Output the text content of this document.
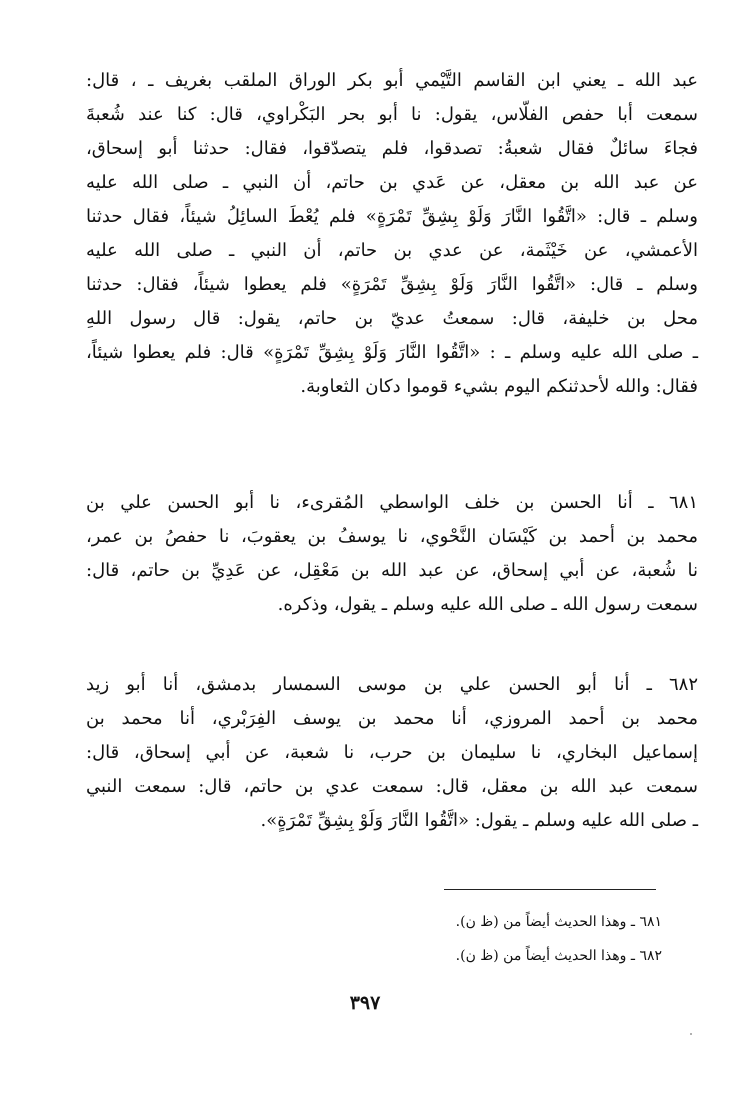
عبد الله ـ يعني ابن القاسم التَّيْمي أبو بكر الوراق الملقب بغريف ـ ، قال:
سمعت أبا حفص الفلّاس، يقول: نا أبو بحر البَكْراوي، قال: كنا عند شُعبةَ
فجاءَ سائلٌ فقال شعبةُ: تصدقوا، فلم يتصدّقوا، فقال: حدثنا أبو إسحاق،
عن عبد الله بن معقل، عن عَدي بن حاتم، أن النبي ـ صلى الله عليه
وسلم ـ قال: «اتَّقُوا النَّارَ وَلَوْ بِشِقِّ تَمْرَةٍ» فلم يُعْطَ السائِلُ شيئاً، فقال حدثنا
الأعمشي، عن خَيْثَمة، عن عدي بن حاتم، أن النبي ـ صلى الله عليه
وسلم ـ قال: «اتَّقُوا النَّارَ وَلَوْ بِشِقِّ تَمْرَةٍ» فلم يعطوا شيئاً، فقال: حدثنا
محل بن خليفة، قال: سمعتُ عديّ بن حاتم، يقول: قال رسول اللهِ
ـ صلى الله عليه وسلم ـ : «اتَّقُوا النَّارَ وَلَوْ بِشِقِّ تَمْرَةٍ» قال: فلم يعطوا شيئاً،
فقال: والله لأحدثنكم اليوم بشيء قوموا دكان الثعاوبة.
٦٨١ ـ أنا الحسن بن خلف الواسطي المُقرىء، نا أبو الحسن علي بن
محمد بن أحمد بن كَيْسَان النَّحْوي، نا يوسفُ بن يعقوبَ، نا حفصُ بن عمر،
نا شُعبة، عن أبي إسحاق، عن عبد الله بن مَعْقِل، عن عَدِيِّ بن حاتم، قال:
سمعت رسول الله ـ صلى الله عليه وسلم ـ يقول، وذكره.
٦٨٢ ـ أنا أبو الحسن علي بن موسى السمسار بدمشق، أنا أبو زيد
محمد بن أحمد المروزي، أنا محمد بن يوسف الفِرَبْري، أنا محمد بن
إسماعيل البخاري، نا سليمان بن حرب، نا شعبة، عن أبي إسحاق، قال:
سمعت عبد الله بن معقل، قال: سمعت عدي بن حاتم، قال: سمعت النبي
ـ صلى الله عليه وسلم ـ يقول: «اتَّقُوا النَّارَ وَلَوْ بِشِقِّ تَمْرَةٍ».
٦٨١ ـ وهذا الحديث أيضاً من (ظ ن).
٦٨٢ ـ وهذا الحديث أيضاً من (ظ ن).
٣٩٧
